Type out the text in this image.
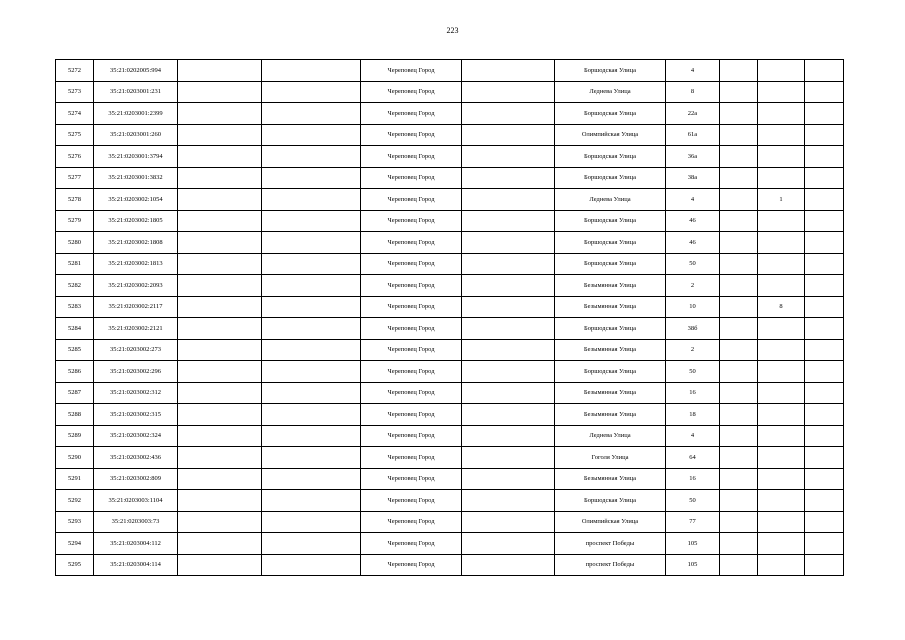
223
5272	35:21:0202005:994			Череповец Город		Боршодская Улица	4			
5273	35:21:0203001:231			Череповец Город		Леднева Улица	8			
5274	35:21:0203001:2399			Череповец Город		Боршодская Улица	22а			
5275	35:21:0203001:260			Череповец Город		Олимпийская Улица	61а			
5276	35:21:0203001:3794			Череповец Город		Боршодская Улица	36а			
5277	35:21:0203001:3832			Череповец Город		Боршодская Улица	38а			
5278	35:21:0203002:1054			Череповец Город		Леднева Улица	4		1	
5279	35:21:0203002:1805			Череповец Город		Боршодская Улица	46			
5280	35:21:0203002:1808			Череповец Город		Боршодская Улица	46			
5281	35:21:0203002:1813			Череповец Город		Боршодская Улица	50			
5282	35:21:0203002:2093			Череповец Город		Безымянная Улица	2			
5283	35:21:0203002:2117			Череповец Город		Безымянная Улица	10		8	
5284	35:21:0203002:2121			Череповец Город		Боршодская Улица	38б			
5285	35:21:0203002:273			Череповец Город		Безымянная Улица	2			
5286	35:21:0203002:296			Череповец Город		Боршодская Улица	50			
5287	35:21:0203002:312			Череповец Город		Безымянная Улица	16			
5288	35:21:0203002:315			Череповец Город		Безымянная Улица	18			
5289	35:21:0203002:324			Череповец Город		Леднева Улица	4			
5290	35:21:0203002:436			Череповец Город		Гоголя Улица	64			
5291	35:21:0203002:809			Череповец Город		Безымянная Улица	16			
5292	35:21:0203003:1104			Череповец Город		Боршодская Улица	50			
5293	35:21:0203003:73			Череповец Город		Олимпийская Улица	77			
5294	35:21:0203004:112			Череповец Город		проспект Победы	105			
5295	35:21:0203004:114			Череповец Город		проспект Победы	105			
